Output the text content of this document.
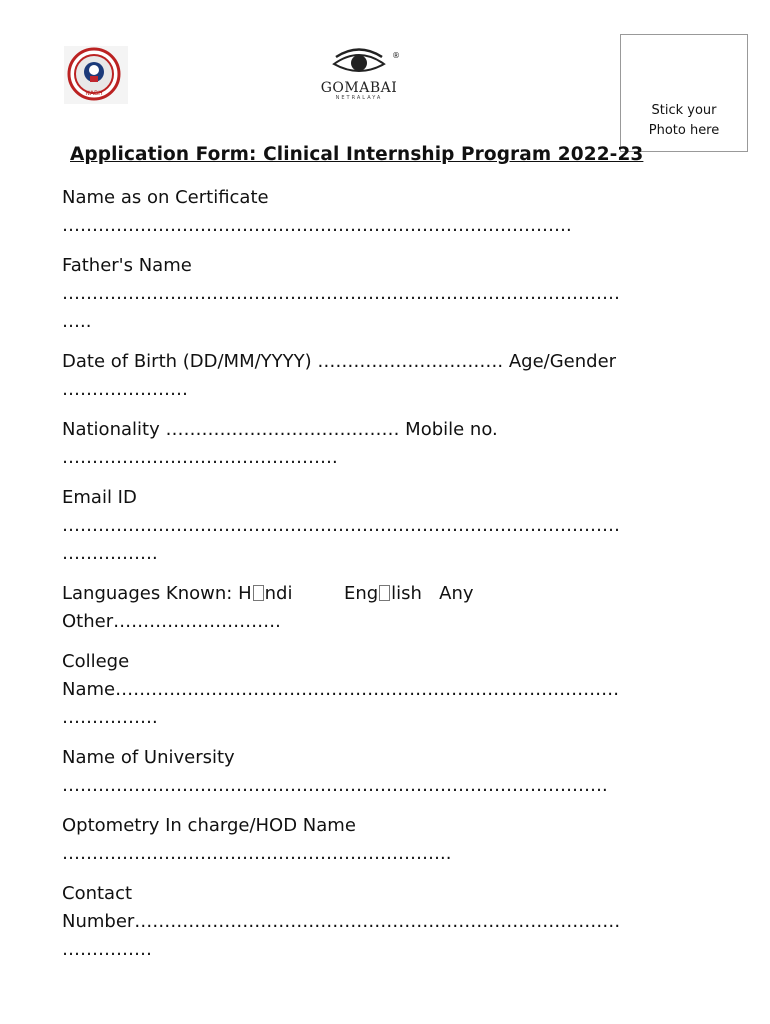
NABH
®
GOMABAI
NETRALAYA
Stick your
Photo here
Application Form: Clinical Internship Program 2022-23
Name as on Certificate
………………………………………………………………………….
Father's Name
…………………………………………………………………………………
…..
Date of Birth (DD/MM/YYYY) …………………………. Age/Gender
…………………
Nationality ………………………………… Mobile no.
……………………………………….
Email ID
…………………………………………………………………………………
…………….
Languages Known: H ndi	Eng lish   Any
Other……………………….
College
Name…………………………………………………………………………
…………….
Name of University
……………………………………………………………………………….
Optometry In charge/HOD Name
………………………………………………………..
Contact
Number………………………………………………………………………
……………
